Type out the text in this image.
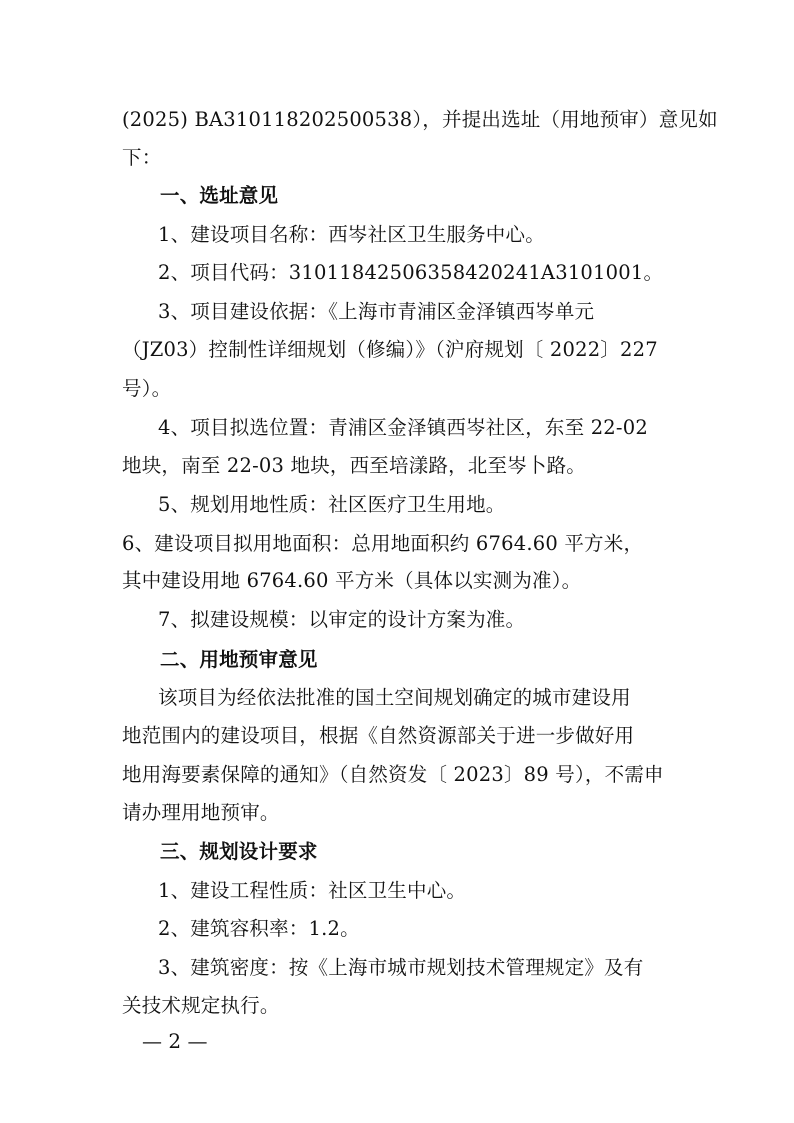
(2025) BA310118202500538），并提出选址（用地预审）意见如
下：
一、选址意见
1、建设项目名称：西岑社区卫生服务中心。
2、项目代码：31011842506358420241A3101001。
3、项目建设依据：《上海市青浦区金泽镇西岑单元
（JZ03）控制性详细规划（修编）》（沪府规划〔 2022〕227
号）。
4、项目拟选位置：青浦区金泽镇西岑社区，东至 22-02
地块，南至 22-03 地块，西至培漾路，北至岑卜路。
5、规划用地性质：社区医疗卫生用地。
6、建设项目拟用地面积：总用地面积约 6764.60 平方米，
其中建设用地 6764.60 平方米（具体以实测为准）。
7、拟建设规模：以审定的设计方案为准。
二、用地预审意见
该项目为经依法批准的国土空间规划确定的城市建设用
地范围内的建设项目，根据《自然资源部关于进一步做好用
地用海要素保障的通知》（自然资发〔 2023〕89 号），不需申
请办理用地预审。
三、规划设计要求
1、建设工程性质：社区卫生中心。
2、建筑容积率：1.2。
3、建筑密度：按《上海市城市规划技术管理规定》及有
关技术规定执行。
— 2 —
